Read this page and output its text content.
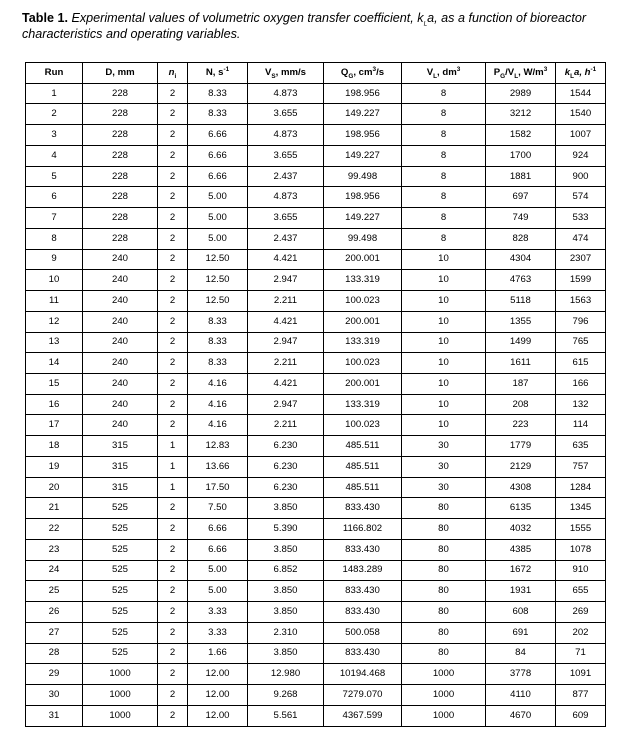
Table 1. Experimental values of volumetric oxygen transfer coefficient, $k_La$, as a function of bioreactor characteristics and operating variables.
Run	D, mm	$n_i$	N, $s^{-1}$	$V_S$, mm/s	$Q_G$, $cm^3/s$	$V_L$, $dm^3$	$P_G/V_L$, $W/m^3$	$k_La$, $h^{-1}$
1	228	2	8.33	4.873	198.956	8	2989	1544
2	228	2	8.33	3.655	149.227	8	3212	1540
3	228	2	6.66	4.873	198.956	8	1582	1007
4	228	2	6.66	3.655	149.227	8	1700	924
5	228	2	6.66	2.437	99.498	8	1881	900
6	228	2	5.00	4.873	198.956	8	697	574
7	228	2	5.00	3.655	149.227	8	749	533
8	228	2	5.00	2.437	99.498	8	828	474
9	240	2	12.50	4.421	200.001	10	4304	2307
10	240	2	12.50	2.947	133.319	10	4763	1599
11	240	2	12.50	2.211	100.023	10	5118	1563
12	240	2	8.33	4.421	200.001	10	1355	796
13	240	2	8.33	2.947	133.319	10	1499	765
14	240	2	8.33	2.211	100.023	10	1611	615
15	240	2	4.16	4.421	200.001	10	187	166
16	240	2	4.16	2.947	133.319	10	208	132
17	240	2	4.16	2.211	100.023	10	223	114
18	315	1	12.83	6.230	485.511	30	1779	635
19	315	1	13.66	6.230	485.511	30	2129	757
20	315	1	17.50	6.230	485.511	30	4308	1284
21	525	2	7.50	3.850	833.430	80	6135	1345
22	525	2	6.66	5.390	1166.802	80	4032	1555
23	525	2	6.66	3.850	833.430	80	4385	1078
24	525	2	5.00	6.852	1483.289	80	1672	910
25	525	2	5.00	3.850	833.430	80	1931	655
26	525	2	3.33	3.850	833.430	80	608	269
27	525	2	3.33	2.310	500.058	80	691	202
28	525	2	1.66	3.850	833.430	80	84	71
29	1000	2	12.00	12.980	10194.468	1000	3778	1091
30	1000	2	12.00	9.268	7279.070	1000	4110	877
31	1000	2	12.00	5.561	4367.599	1000	4670	609
